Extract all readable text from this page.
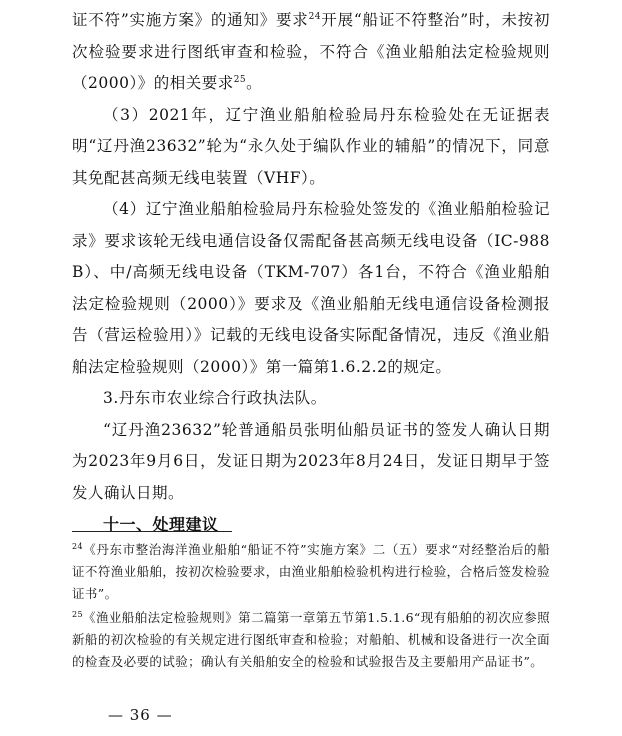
证不符”实施方案》的通知》要求$^{24}$开展“船证不符整治”时，未按初次检验要求进行图纸审查和检验，不符合《渔业船舶法定检验规则（2000）》的相关要求$^{25}$。

（3）2021年，辽宁渔业船舶检验局丹东检验处在无证据表明“辽丹渔23632”轮为“永久处于编队作业的辅船”的情况下，同意其免配甚高频无线电装置（VHF）。

（4）辽宁渔业船舶检验局丹东检验处签发的《渔业船舶检验记录》要求该轮无线电通信设备仅需配备甚高频无线电设备（IC-988B）、中/高频无线电设备（TKM-707）各1台，不符合《渔业船舶法定检验规则（2000）》要求及《渔业船舶无线电通信设备检测报告（营运检验用）》记载的无线电设备实际配备情况，违反《渔业船舶法定检验规则（2000）》第一篇第1.6.2.2的规定。

3.丹东市农业综合行政执法队。

“辽丹渔23632”轮普通船员张明仙船员证书的签发人确认日期为2023年9月6日，发证日期为2023年8月24日，发证日期早于签发人确认日期。

十一、处理建议

$^{24}$《丹东市整治海洋渔业船舶“船证不符”实施方案》二（五）要求“对经整治后的船证不符渔业船舶，按初次检验要求，由渔业船舶检验机构进行检验，合格后签发检验证书”。

$^{25}$《渔业船舶法定检验规则》第二篇第一章第五节第1.5.1.6“现有船舶的初次应参照新船的初次检验的有关规定进行图纸审查和检验；对船舶、机械和设备进行一次全面的检查及必要的试验；确认有关船舶安全的检验和试验报告及主要船用产品证书”。

— 36 —
